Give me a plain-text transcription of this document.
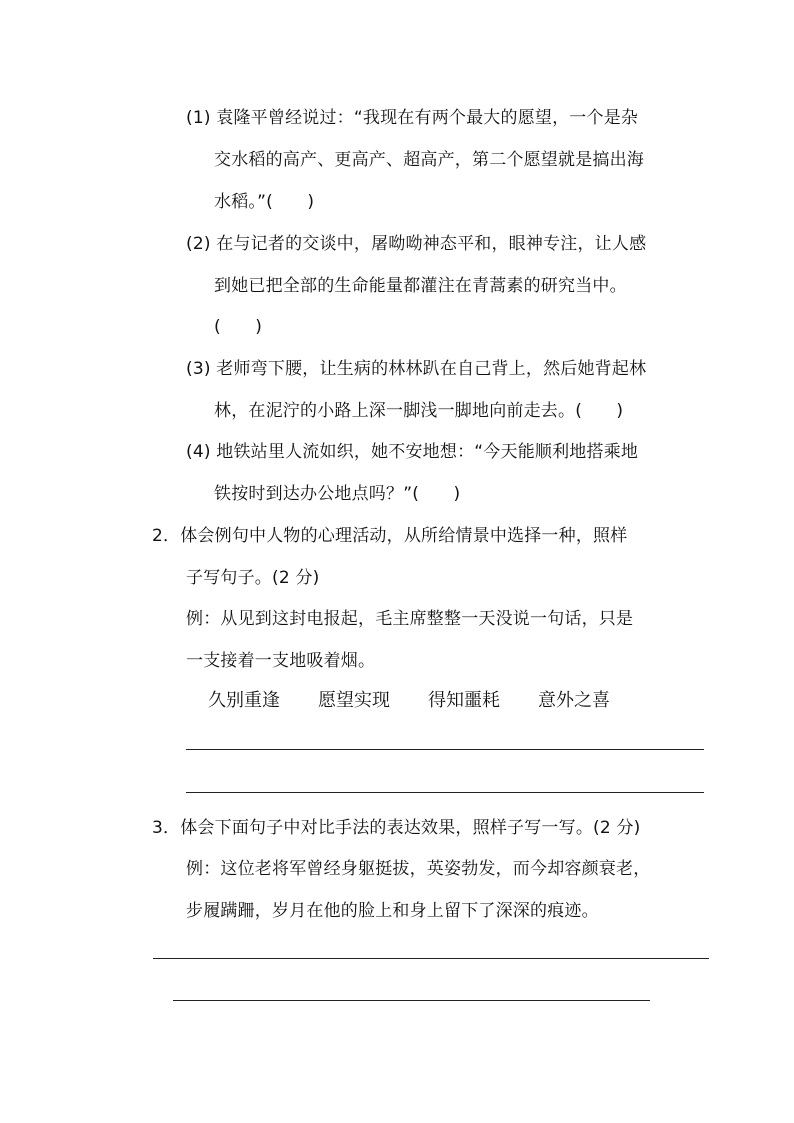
(1) 袁隆平曾经说过：“我现在有两个最大的愿望，一个是杂
交水稻的高产、更高产、超高产，第二个愿望就是搞出海
水稻。”(　　)
(2) 在与记者的交谈中，屠呦呦神态平和，眼神专注，让人感
到她已把全部的生命能量都灌注在青蒿素的研究当中。
(　　)
(3) 老师弯下腰，让生病的林林趴在自己背上，然后她背起林
林，在泥泞的小路上深一脚浅一脚地向前走去。(　　)
(4) 地铁站里人流如织，她不安地想：“今天能顺利地搭乘地
铁按时到达办公地点吗？”(　　)
2．体会例句中人物的心理活动，从所给情景中选择一种，照样
子写句子。(2 分)
例：从见到这封电报起，毛主席整整一天没说一句话，只是
一支接着一支地吸着烟。
久别重逢 愿望实现 得知噩耗 意外之喜
3．体会下面句子中对比手法的表达效果，照样子写一写。(2 分)
例：这位老将军曾经身躯挺拔，英姿勃发，而今却容颜衰老，
步履蹒跚，岁月在他的脸上和身上留下了深深的痕迹。
